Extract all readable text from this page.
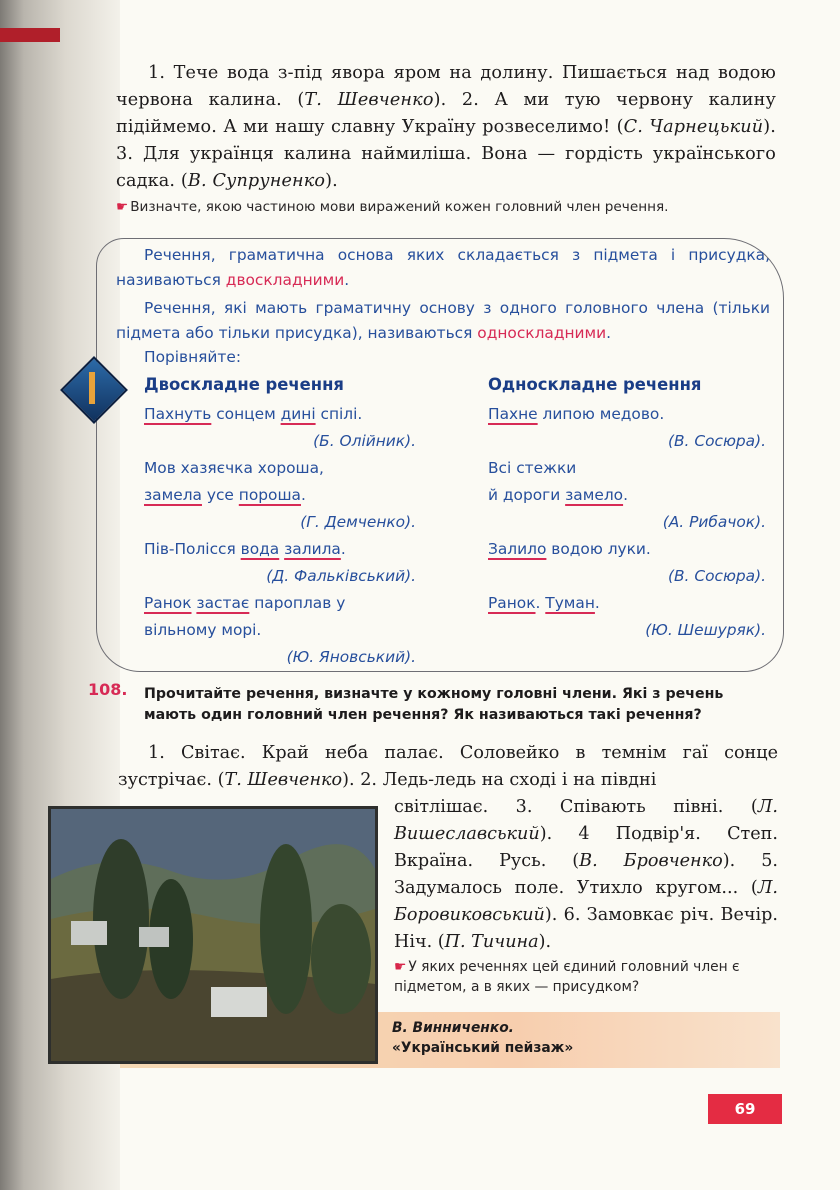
1. Тече вода з-під явора яром на долину. Пишається над водою червона калина. (Т. Шевченко). 2. А ми тую червону калину підіймемо. А ми нашу славну Україну розвеселимо! (С. Чарнецький). 3. Для українця калина наймиліша. Вона — гордість українського садка. (В. Супруненко).
☛ Визначте, якою частиною мови виражений кожен головний член речення.
Речення, граматична основа яких складається з підмета і присудка, називаються двоскладними.
Речення, які мають граматичну основу з одного головного члена (тільки підмета або тільки присудка), називаються односкладними.
Порівняйте:
Двоскладне речення
Пахнуть сонцем дині спілі.
(Б. Олійник).
Мов хазяєчка хороша,
замела усе пороша.
(Г. Демченко).
Пів-Полісся вода залила.
(Д. Фальківський).
Ранок застає пароплав у
вільному морі.
(Ю. Яновський).
Односкладне речення
Пахне липою медово.
(В. Сосюра).
Всі стежки
й дороги замело.
(А. Рибачок).
Залило водою луки.
(В. Сосюра).
Ранок. Туман.
(Ю. Шешуряк).
108. Прочитайте речення, визначте у кожному головні члени. Які з речень мають один головний член речення? Як називаються такі речення?
1. Світає. Край неба палає. Соловейко в темнім гаї сонце зустрічає. (Т. Шевченко). 2. Ледь-ледь на сході і на півдні
світлішає. 3. Співають півні. (Л. Вишеславський). 4 Подвір'я. Степ. Вкраїна. Русь. (В. Бровченко). 5. Задумалось поле. Утихло кругом... (Л. Боровиковський). 6. Замовкає річ. Вечір. Ніч. (П. Тичина).
☛ У яких реченнях цей єдиний головний член є підметом, а в яких — присудком?
В. Винниченко.
«Український пейзаж»
69
